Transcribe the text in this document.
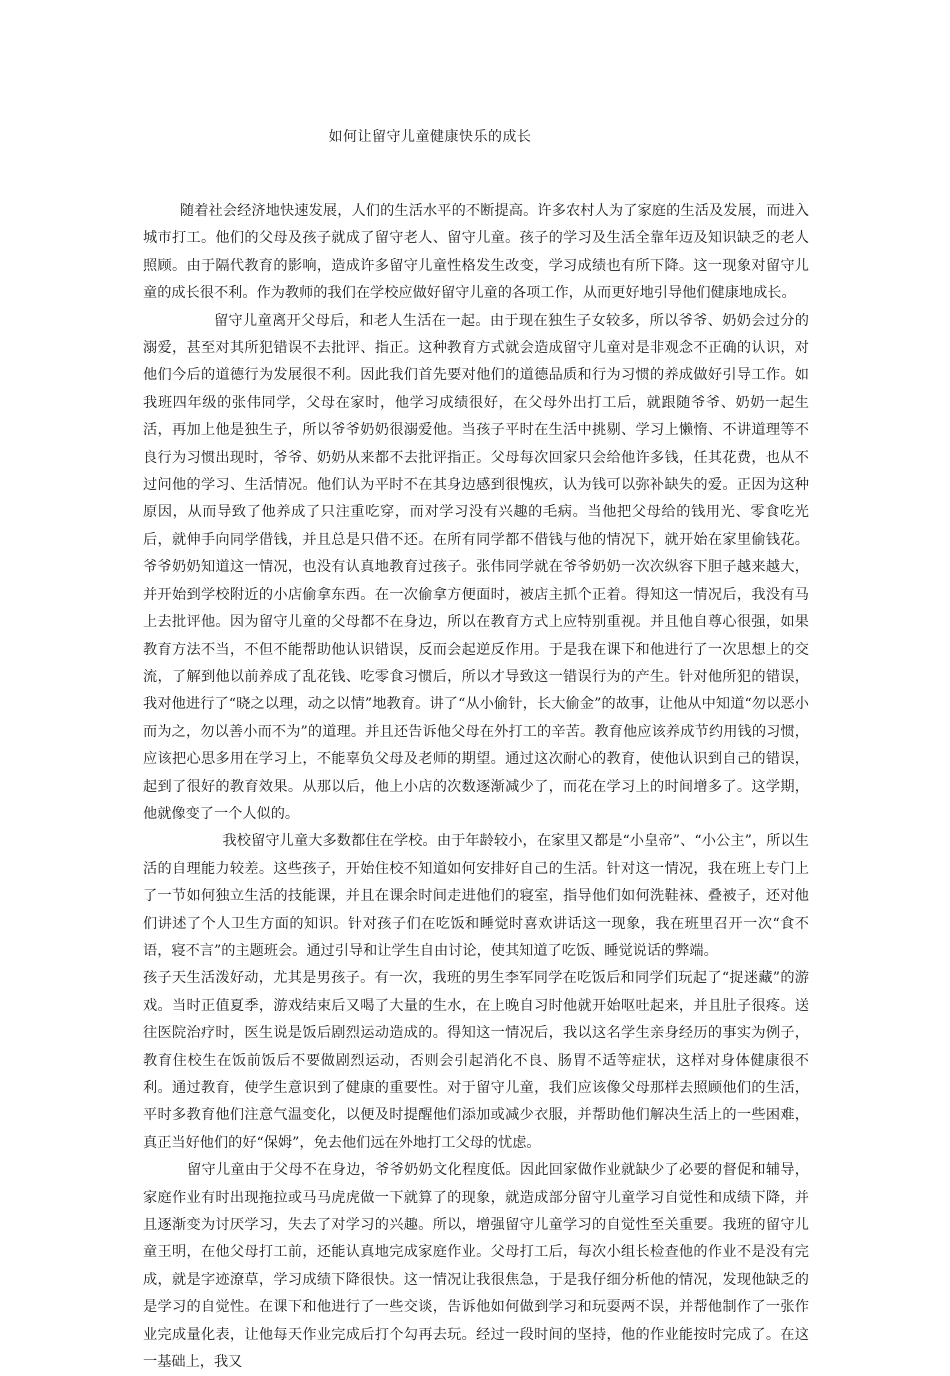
如何让留守儿童健康快乐的成长

随着社会经济地快速发展，人们的生活水平的不断提高。许多农村人为了家庭的生活及发展，而进入城市打工。他们的父母及孩子就成了留守老人、留守儿童。孩子的学习及生活全靠年迈及知识缺乏的老人照顾。由于隔代教育的影响，造成许多留守儿童性格发生改变，学习成绩也有所下降。这一现象对留守儿童的成长很不利。作为教师的我们在学校应做好留守儿童的各项工作，从而更好地引导他们健康地成长。

留守儿童离开父母后，和老人生活在一起。由于现在独生子女较多，所以爷爷、奶奶会过分的溺爱，甚至对其所犯错误不去批评、指正。这种教育方式就会造成留守儿童对是非观念不正确的认识，对他们今后的道德行为发展很不利。因此我们首先要对他们的道德品质和行为习惯的养成做好引导工作。如我班四年级的张伟同学，父母在家时，他学习成绩很好，在父母外出打工后，就跟随爷爷、奶奶一起生活，再加上他是独生子，所以爷爷奶奶很溺爱他。当孩子平时在生活中挑剔、学习上懒惰、不讲道理等不良行为习惯出现时，爷爷、奶奶从来都不去批评指正。父母每次回家只会给他许多钱，任其花费，也从不过问他的学习、生活情况。他们认为平时不在其身边感到很愧疚，认为钱可以弥补缺失的爱。正因为这种原因，从而导致了他养成了只注重吃穿，而对学习没有兴趣的毛病。当他把父母给的钱用光、零食吃光后，就伸手向同学借钱，并且总是只借不还。在所有同学都不借钱与他的情况下，就开始在家里偷钱花。爷爷奶奶知道这一情况，也没有认真地教育过孩子。张伟同学就在爷爷奶奶一次次纵容下胆子越来越大，并开始到学校附近的小店偷拿东西。在一次偷拿方便面时，被店主抓个正着。得知这一情况后，我没有马上去批评他。因为留守儿童的父母都不在身边，所以在教育方式上应特别重视。并且他自尊心很强，如果教育方法不当，不但不能帮助他认识错误，反而会起逆反作用。于是我在课下和他进行了一次思想上的交流，了解到他以前养成了乱花钱、吃零食习惯后，所以才导致这一错误行为的产生。针对他所犯的错误，我对他进行了“晓之以理，动之以情”地教育。讲了“从小偷针，长大偷金”的故事，让他从中知道“勿以恶小而为之，勿以善小而不为”的道理。并且还告诉他父母在外打工的辛苦。教育他应该养成节约用钱的习惯，应该把心思多用在学习上，不能辜负父母及老师的期望。通过这次耐心的教育，使他认识到自己的错误，起到了很好的教育效果。从那以后，他上小店的次数逐渐减少了，而花在学习上的时间增多了。这学期，他就像变了一个人似的。

我校留守儿童大多数都住在学校。由于年龄较小，在家里又都是“小皇帝”、“小公主”，所以生活的自理能力较差。这些孩子，开始住校不知道如何安排好自己的生活。针对这一情况，我在班上专门上了一节如何独立生活的技能课，并且在课余时间走进他们的寝室，指导他们如何洗鞋袜、叠被子，还对他们讲述了个人卫生方面的知识。针对孩子们在吃饭和睡觉时喜欢讲话这一现象，我在班里召开一次“食不语，寝不言”的主题班会。通过引导和让学生自由讨论，使其知道了吃饭、睡觉说话的弊端。

孩子天生活泼好动，尤其是男孩子。有一次，我班的男生李军同学在吃饭后和同学们玩起了“捉迷藏”的游戏。当时正值夏季，游戏结束后又喝了大量的生水，在上晚自习时他就开始呕吐起来，并且肚子很疼。送往医院治疗时，医生说是饭后剧烈运动造成的。得知这一情况后，我以这名学生亲身经历的事实为例子，教育住校生在饭前饭后不要做剧烈运动，否则会引起消化不良、肠胃不适等症状，这样对身体健康很不利。通过教育，使学生意识到了健康的重要性。对于留守儿童，我们应该像父母那样去照顾他们的生活，平时多教育他们注意气温变化，以便及时提醒他们添加或减少衣服，并帮助他们解决生活上的一些困难，真正当好他们的好“保姆”，免去他们远在外地打工父母的忧虑。

留守儿童由于父母不在身边，爷爷奶奶文化程度低。因此回家做作业就缺少了必要的督促和辅导，家庭作业有时出现拖拉或马马虎虎做一下就算了的现象，就造成部分留守儿童学习自觉性和成绩下降，并且逐渐变为讨厌学习，失去了对学习的兴趣。所以，增强留守儿童学习的自觉性至关重要。我班的留守儿童王明，在他父母打工前，还能认真地完成家庭作业。父母打工后，每次小组长检查他的作业不是没有完成，就是字迹潦草，学习成绩下降很快。这一情况让我很焦急，于是我仔细分析他的情况，发现他缺乏的是学习的自觉性。在课下和他进行了一些交谈，告诉他如何做到学习和玩耍两不误，并帮他制作了一张作业完成量化表，让他每天作业完成后打个勾再去玩。经过一段时间的坚持，他的作业能按时完成了。在这一基础上，我又
